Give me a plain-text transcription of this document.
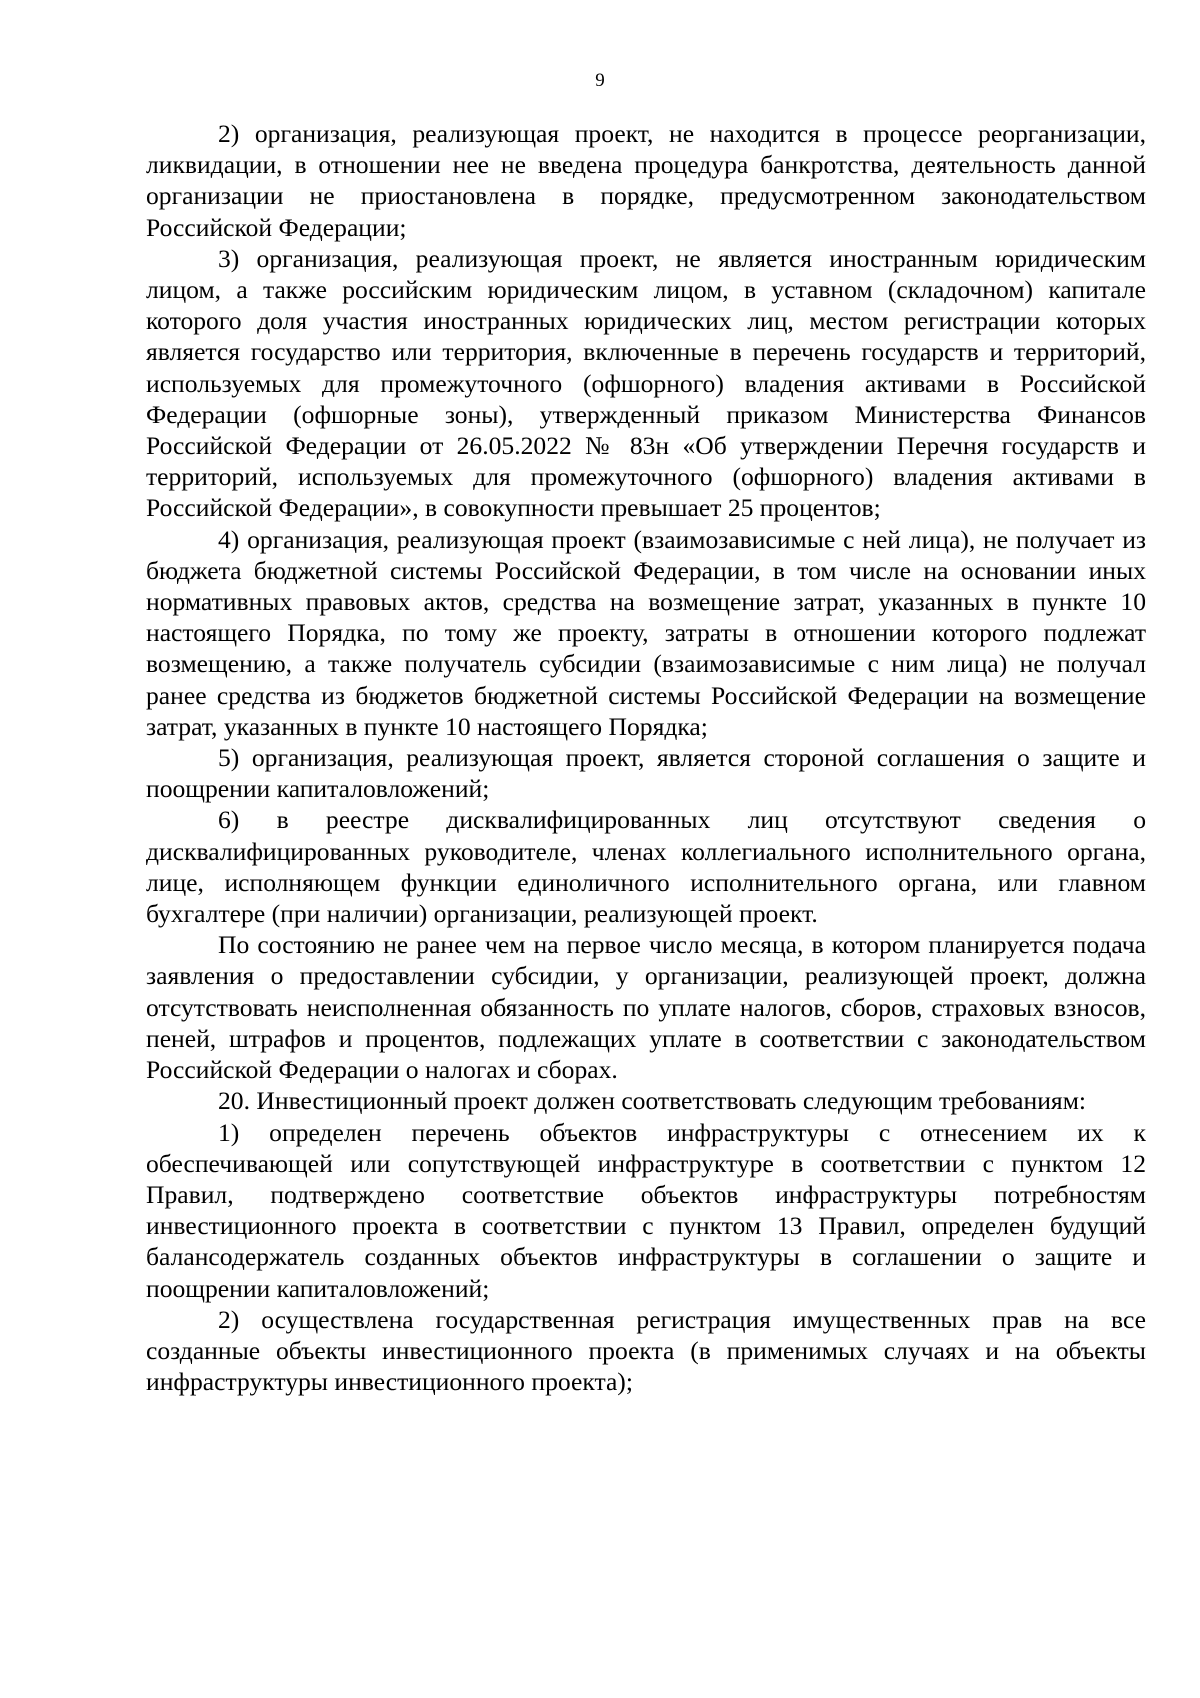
9

2) организация, реализующая проект, не находится в процессе реорганизации, ликвидации, в отношении нее не введена процедура банкротства, деятельность данной организации не приостановлена в порядке, предусмотренном законодательством Российской Федерации;

3) организация, реализующая проект, не является иностранным юридическим лицом, а также российским юридическим лицом, в уставном (складочном) капитале которого доля участия иностранных юридических лиц, местом регистрации которых является государство или территория, включенные в перечень государств и территорий, используемых для промежуточного (офшорного) владения активами в Российской Федерации (офшорные зоны), утвержденный приказом Министерства Финансов Российской Федерации от 26.05.2022 № 83н «Об утверждении Перечня государств и территорий, используемых для промежуточного (офшорного) владения активами в Российской Федерации», в совокупности превышает 25 процентов;

4) организация, реализующая проект (взаимозависимые с ней лица), не получает из бюджета бюджетной системы Российской Федерации, в том числе на основании иных нормативных правовых актов, средства на возмещение затрат, указанных в пункте 10 настоящего Порядка, по тому же проекту, затраты в отношении которого подлежат возмещению, а также получатель субсидии (взаимозависимые с ним лица) не получал ранее средства из бюджетов бюджетной системы Российской Федерации на возмещение затрат, указанных в пункте 10 настоящего Порядка;

5) организация, реализующая проект, является стороной соглашения о защите и поощрении капиталовложений;

6) в реестре дисквалифицированных лиц отсутствуют сведения о дисквалифицированных руководителе, членах коллегиального исполнительного органа, лице, исполняющем функции единоличного исполнительного органа, или главном бухгалтере (при наличии) организации, реализующей проект.

По состоянию не ранее чем на первое число месяца, в котором планируется подача заявления о предоставлении субсидии, у организации, реализующей проект, должна отсутствовать неисполненная обязанность по уплате налогов, сборов, страховых взносов, пеней, штрафов и процентов, подлежащих уплате в соответствии с законодательством Российской Федерации о налогах и сборах.

20. Инвестиционный проект должен соответствовать следующим требованиям:

1) определен перечень объектов инфраструктуры с отнесением их к обеспечивающей или сопутствующей инфраструктуре в соответствии с пунктом 12 Правил, подтверждено соответствие объектов инфраструктуры потребностям инвестиционного проекта в соответствии с пунктом 13 Правил, определен будущий балансодержатель созданных объектов инфраструктуры в соглашении о защите и поощрении капиталовложений;

2) осуществлена государственная регистрация имущественных прав на все созданные объекты инвестиционного проекта (в применимых случаях и на объекты инфраструктуры инвестиционного проекта);
